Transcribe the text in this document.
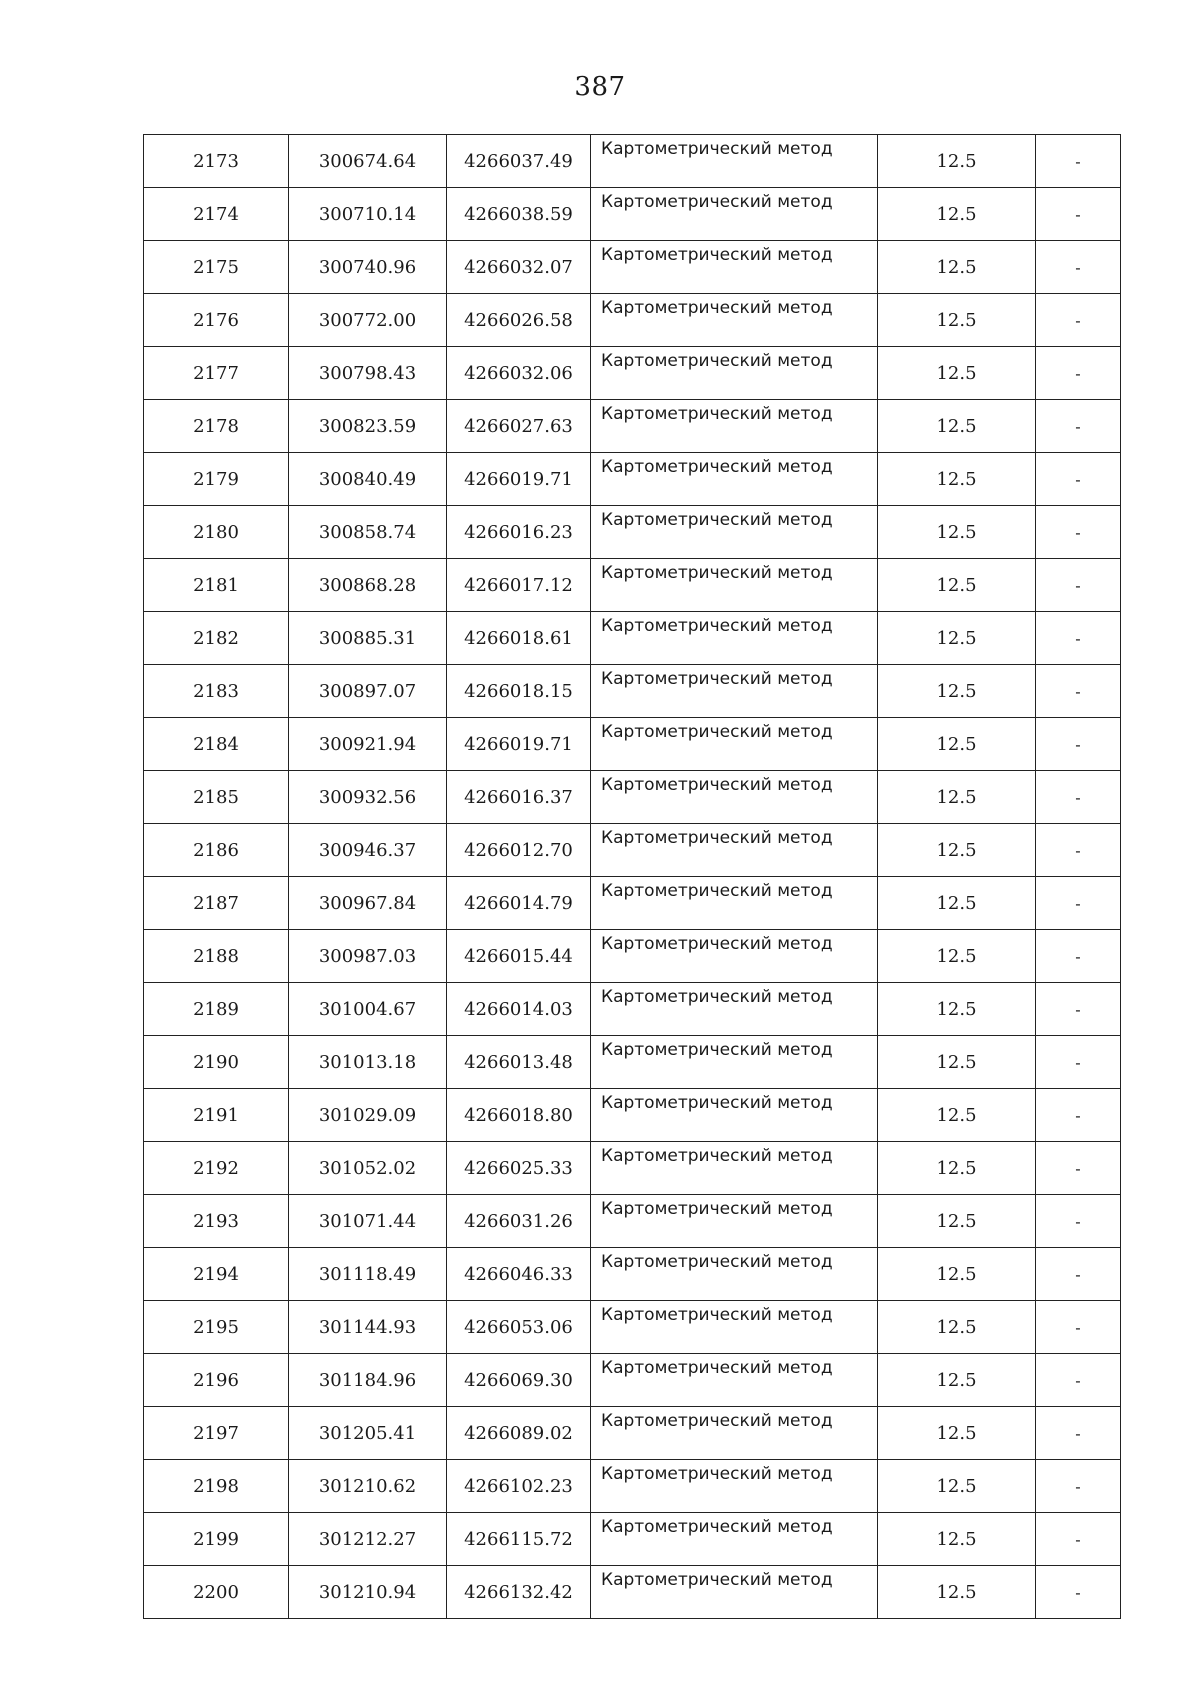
387
2173	300674.64	4266037.49	Картометрический метод	12.5	-
2174	300710.14	4266038.59	Картометрический метод	12.5	-
2175	300740.96	4266032.07	Картометрический метод	12.5	-
2176	300772.00	4266026.58	Картометрический метод	12.5	-
2177	300798.43	4266032.06	Картометрический метод	12.5	-
2178	300823.59	4266027.63	Картометрический метод	12.5	-
2179	300840.49	4266019.71	Картометрический метод	12.5	-
2180	300858.74	4266016.23	Картометрический метод	12.5	-
2181	300868.28	4266017.12	Картометрический метод	12.5	-
2182	300885.31	4266018.61	Картометрический метод	12.5	-
2183	300897.07	4266018.15	Картометрический метод	12.5	-
2184	300921.94	4266019.71	Картометрический метод	12.5	-
2185	300932.56	4266016.37	Картометрический метод	12.5	-
2186	300946.37	4266012.70	Картометрический метод	12.5	-
2187	300967.84	4266014.79	Картометрический метод	12.5	-
2188	300987.03	4266015.44	Картометрический метод	12.5	-
2189	301004.67	4266014.03	Картометрический метод	12.5	-
2190	301013.18	4266013.48	Картометрический метод	12.5	-
2191	301029.09	4266018.80	Картометрический метод	12.5	-
2192	301052.02	4266025.33	Картометрический метод	12.5	-
2193	301071.44	4266031.26	Картометрический метод	12.5	-
2194	301118.49	4266046.33	Картометрический метод	12.5	-
2195	301144.93	4266053.06	Картометрический метод	12.5	-
2196	301184.96	4266069.30	Картометрический метод	12.5	-
2197	301205.41	4266089.02	Картометрический метод	12.5	-
2198	301210.62	4266102.23	Картометрический метод	12.5	-
2199	301212.27	4266115.72	Картометрический метод	12.5	-
2200	301210.94	4266132.42	Картометрический метод	12.5	-
